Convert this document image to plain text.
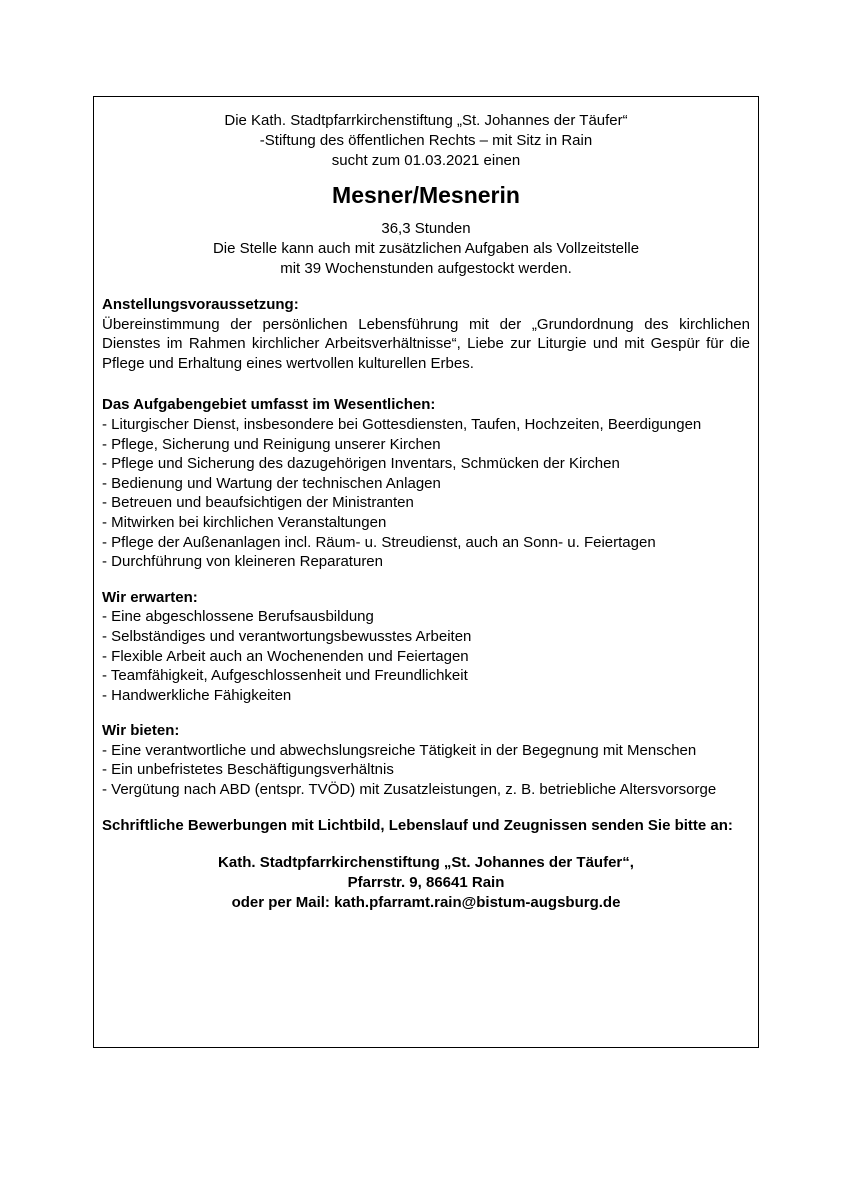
Die Kath. Stadtpfarrkirchenstiftung „St. Johannes der Täufer“
-Stiftung des öffentlichen Rechts – mit Sitz in Rain
sucht zum 01.03.2021 einen
Mesner/Mesnerin
36,3 Stunden
Die Stelle kann auch mit zusätzlichen Aufgaben als Vollzeitstelle
mit 39 Wochenstunden aufgestockt werden.
Anstellungsvoraussetzung:
Übereinstimmung der persönlichen Lebensführung mit der „Grundordnung des kirchlichen Dienstes im Rahmen kirchlicher Arbeitsverhältnisse“, Liebe zur Liturgie und mit Gespür für die Pflege und Erhaltung eines wertvollen kulturellen Erbes.
Das Aufgabengebiet umfasst im Wesentlichen:
- Liturgischer Dienst, insbesondere bei Gottesdiensten, Taufen, Hochzeiten, Beerdigungen
- Pflege, Sicherung und Reinigung unserer Kirchen
- Pflege und Sicherung des dazugehörigen Inventars, Schmücken der Kirchen
- Bedienung und Wartung der technischen Anlagen
- Betreuen und beaufsichtigen der Ministranten
- Mitwirken bei kirchlichen Veranstaltungen
- Pflege der Außenanlagen incl. Räum- u. Streudienst, auch an Sonn- u. Feiertagen
- Durchführung von kleineren Reparaturen
Wir erwarten:
- Eine abgeschlossene Berufsausbildung
- Selbständiges und verantwortungsbewusstes Arbeiten
- Flexible Arbeit auch an Wochenenden und Feiertagen
- Teamfähigkeit, Aufgeschlossenheit und Freundlichkeit
- Handwerkliche Fähigkeiten
Wir bieten:
- Eine verantwortliche und abwechslungsreiche Tätigkeit in der Begegnung mit Menschen
- Ein unbefristetes Beschäftigungsverhältnis
- Vergütung nach ABD (entspr. TVÖD) mit Zusatzleistungen, z. B. betriebliche Altersvorsorge
Schriftliche Bewerbungen mit Lichtbild, Lebenslauf und Zeugnissen senden Sie bitte an:
Kath. Stadtpfarrkirchenstiftung „St. Johannes der Täufer“,
Pfarrstr. 9, 86641 Rain
oder per Mail: kath.pfarramt.rain@bistum-augsburg.de
